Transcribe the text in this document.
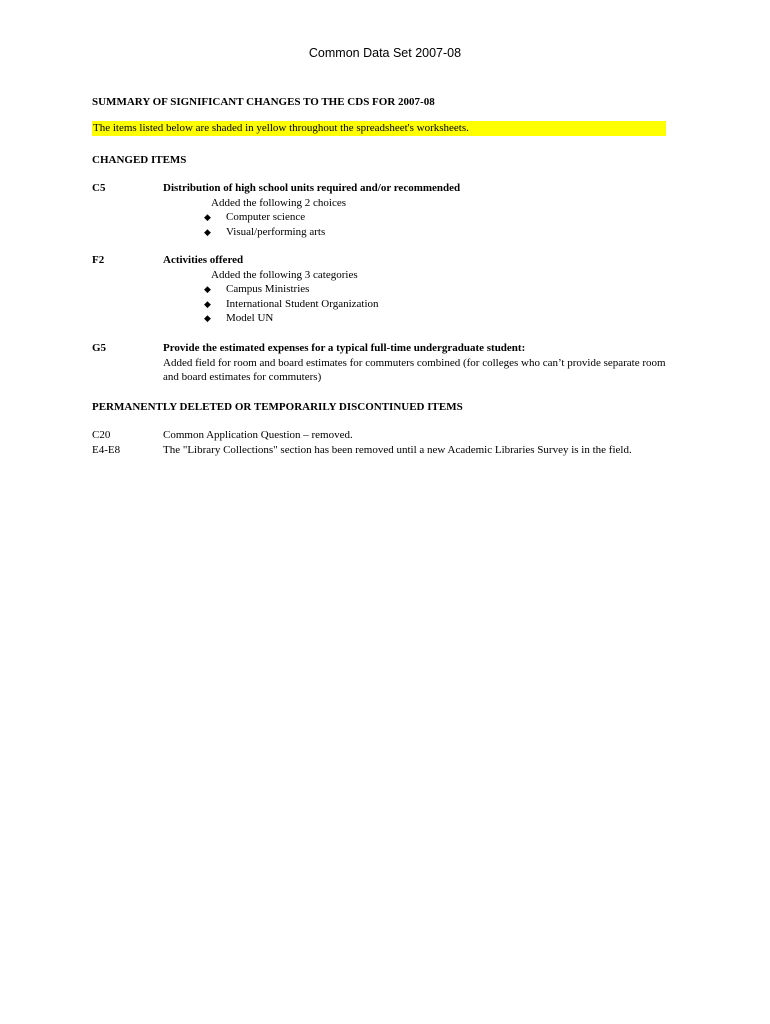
Common Data Set 2007-08
SUMMARY OF SIGNIFICANT CHANGES TO THE CDS FOR 2007-08
The items listed below are shaded in yellow throughout the spreadsheet's worksheets.
CHANGED ITEMS
C5	Distribution of high school units required and/or recommended
Added the following 2 choices
◆ Computer science
◆ Visual/performing arts
F2	Activities offered
Added the following 3 categories
◆ Campus Ministries
◆ International Student Organization
◆ Model UN
G5	Provide the estimated expenses for a typical full-time undergraduate student:
Added field for room and board estimates for commuters combined (for colleges who can’t provide separate room and board estimates for commuters)
PERMANENTLY DELETED OR TEMPORARILY DISCONTINUED ITEMS
C20	Common Application Question – removed.
E4-E8	The "Library Collections" section has been removed until a new Academic Libraries Survey is in the field.
